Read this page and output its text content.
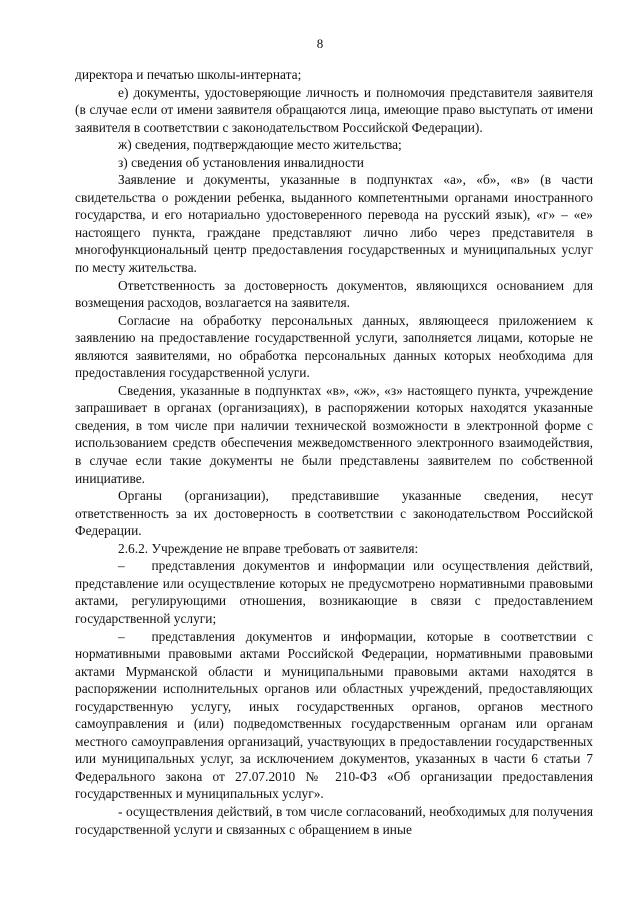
8

директора и печатью школы-интерната;

е) документы, удостоверяющие личность и полномочия представителя заявителя (в случае если от имени заявителя обращаются лица, имеющие право выступать от имени заявителя в соответствии с законодательством Российской Федерации).

ж) сведения, подтверждающие место жительства;

з) сведения об установления инвалидности

Заявление и документы, указанные в подпунктах «а», «б», «в» (в части свидетельства о рождении ребенка, выданного компетентными органами иностранного государства, и его нотариально удостоверенного перевода на русский язык), «г» – «е» настоящего пункта, граждане представляют лично либо через представителя в многофункциональный центр предоставления государственных и муниципальных услуг по месту жительства.

Ответственность за достоверность документов, являющихся основанием для возмещения расходов, возлагается на заявителя.

Согласие на обработку персональных данных, являющееся приложением к заявлению на предоставление государственной услуги, заполняется лицами, которые не являются заявителями, но обработка персональных данных которых необходима для предоставления государственной услуги.

Сведения, указанные в подпунктах «в», «ж», «з» настоящего пункта, учреждение запрашивает в органах (организациях), в распоряжении которых находятся указанные сведения, в том числе при наличии технической возможности в электронной форме с использованием средств обеспечения межведомственного электронного взаимодействия, в случае если такие документы не были представлены заявителем по собственной инициативе.

Органы (организации), представившие указанные сведения, несут ответственность за их достоверность в соответствии с законодательством Российской Федерации.

2.6.2. Учреждение не вправе требовать от заявителя:

–  представления документов и информации или осуществления действий, представление или осуществление которых не предусмотрено нормативными правовыми актами, регулирующими отношения, возникающие в связи с предоставлением государственной услуги;

–  представления документов и информации, которые в соответствии с нормативными правовыми актами Российской Федерации, нормативными правовыми актами Мурманской области и муниципальными правовыми актами находятся в распоряжении исполнительных органов или областных учреждений, предоставляющих государственную услугу, иных государственных органов, органов местного самоуправления и (или) подведомственных государственным органам или органам местного самоуправления организаций, участвующих в предоставлении государственных или муниципальных услуг, за исключением документов, указанных в части 6 статьи 7 Федерального закона от 27.07.2010 № 210-ФЗ «Об организации предоставления государственных и муниципальных услуг».

- осуществления действий, в том числе согласований, необходимых для получения государственной услуги и связанных с обращением в иные
